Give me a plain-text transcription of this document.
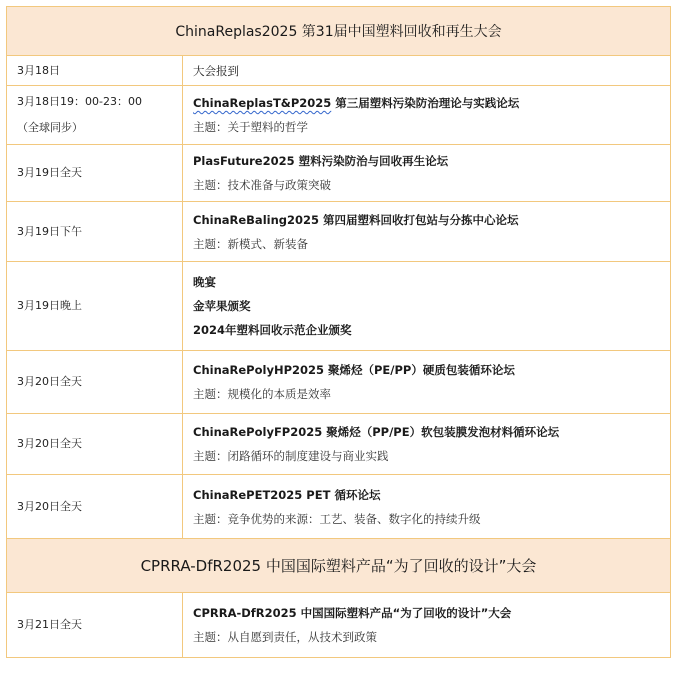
ChinaReplas2025 第31届中国塑料回收和再生大会	

3月18日	大会报到

3月18日19：00-23：00
（全球同步）	ChinaReplasT&P2025 第三届塑料污染防治理论与实践论坛
主题：关于塑料的哲学

3月19日全天	PlasFuture2025 塑料污染防治与回收再生论坛
主题：技术准备与政策突破

3月19日下午	ChinaReBaling2025 第四届塑料回收打包站与分拣中心论坛
主题：新模式、新装备

3月19日晚上	晚宴
金苹果颁奖
2024年塑料回收示范企业颁奖

3月20日全天	ChinaRePolyHP2025 聚烯烃（PE/PP）硬质包装循环论坛
主题：规模化的本质是效率

3月20日全天	ChinaRePolyFP2025 聚烯烃（PP/PE）软包装膜发泡材料循环论坛
主题：闭路循环的制度建设与商业实践

3月20日全天	ChinaRePET2025 PET 循环论坛
主题：竞争优势的来源：工艺、装备、数字化的持续升级

CPRRA-DfR2025 中国国际塑料产品“为了回收的设计”大会	

3月21日全天	CPRRA-DfR2025 中国国际塑料产品“为了回收的设计”大会
主题：从自愿到责任，从技术到政策
